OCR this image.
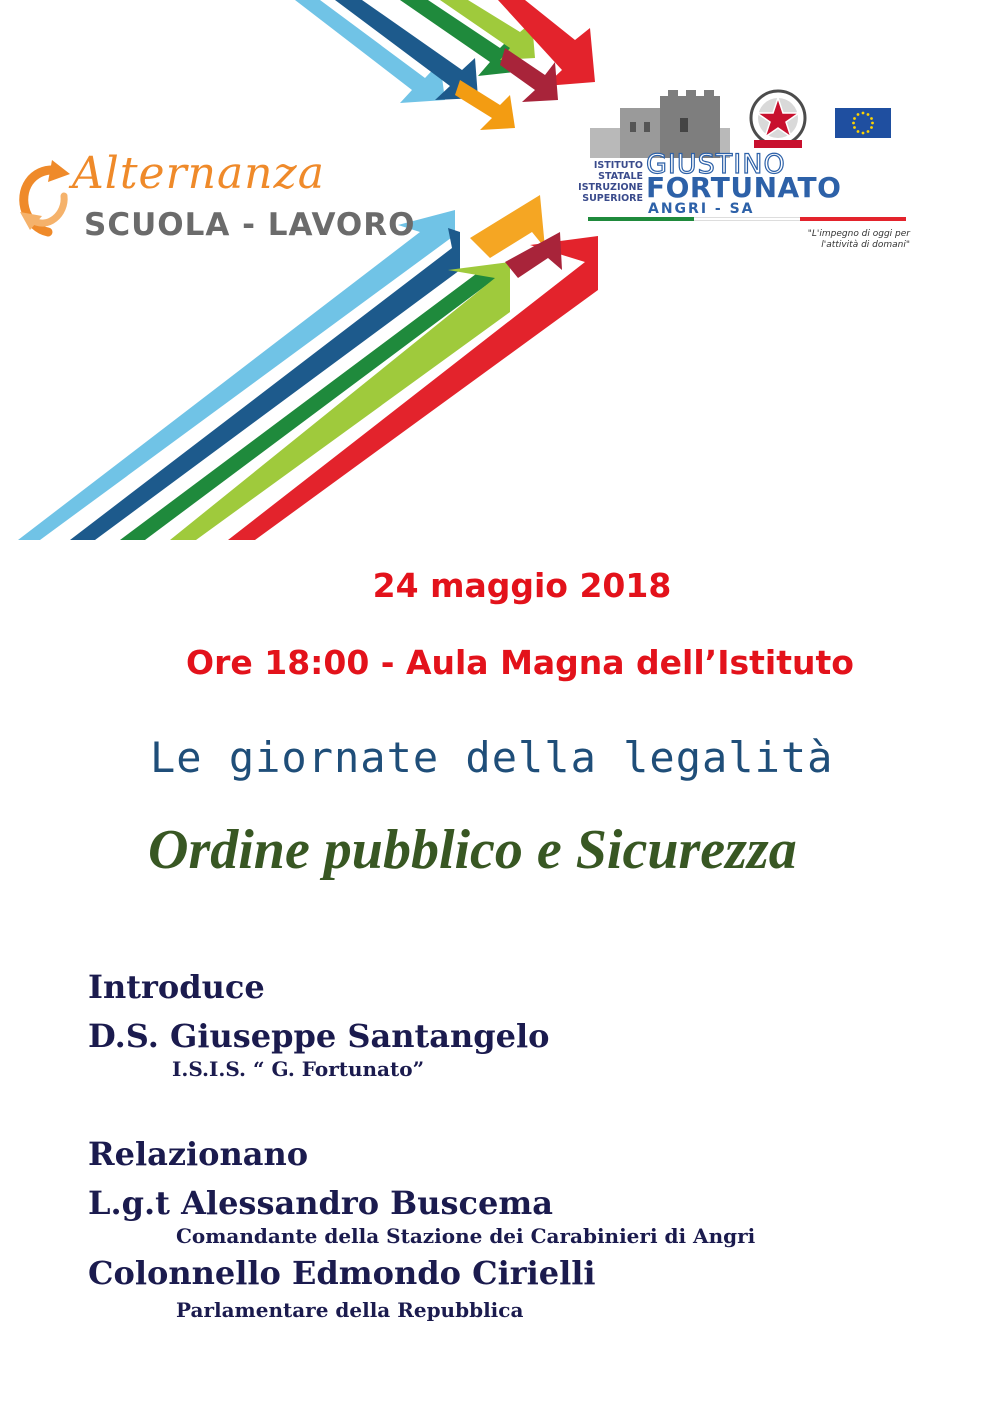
Alternanza
SCUOLA - LAVORO
ISTITUTO
STATALE
ISTRUZIONE
SUPERIORE
GIUSTINO
FORTUNATO
ANGRI - SA
"L'impegno di oggi per
l'attività di domani"
24 maggio 2018
Ore 18:00 - Aula Magna dell’Istituto
Le giornate della legalità
Ordine pubblico e Sicurezza
Introduce
D.S. Giuseppe Santangelo
I.S.I.S. “ G. Fortunato”
Relazionano
L.g.t Alessandro Buscema
Comandante della Stazione dei Carabinieri di Angri
Colonnello Edmondo Cirielli
Parlamentare della Repubblica
